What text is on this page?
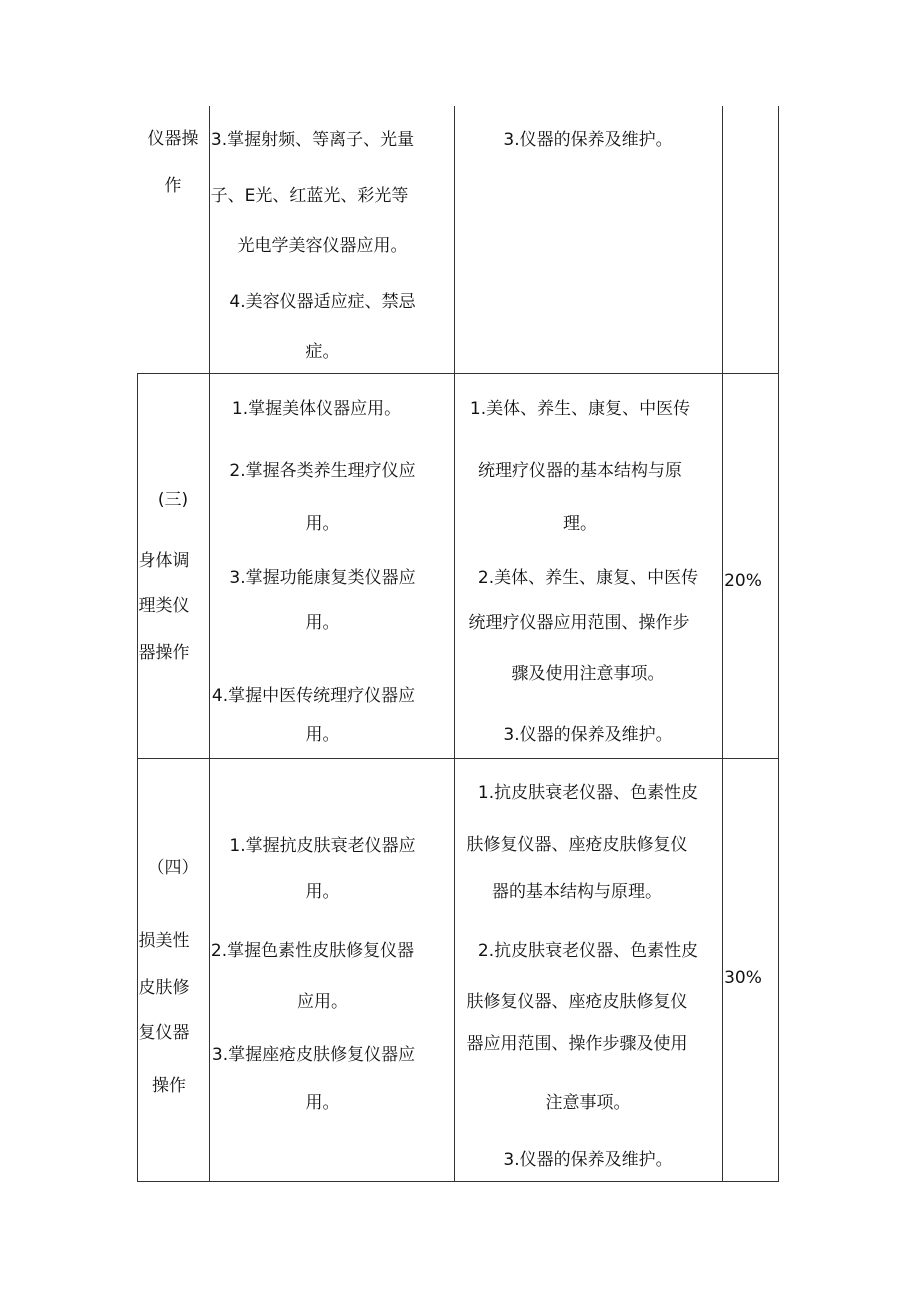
仪器操
作
3.掌握射频、等离子、光量
子、E光、红蓝光、彩光等
光电学美容仪器应用。
4.美容仪器适应症、禁忌
症。
3.仪器的保养及维护。
(三)
身体调
理类仪
器操作
1.掌握美体仪器应用。
2.掌握各类养生理疗仪应
用。
3.掌握功能康复类仪器应
用。
4.掌握中医传统理疗仪器应
用。
1.美体、养生、康复、中医传
统理疗仪器的基本结构与原
理。
2.美体、养生、康复、中医传
统理疗仪器应用范围、操作步
骤及使用注意事项。
3.仪器的保养及维护。
20%
（四）
损美性
皮肤修
复仪器
操作
1.掌握抗皮肤衰老仪器应
用。
2.掌握色素性皮肤修复仪器
应用。
3.掌握座疮皮肤修复仪器应
用。
1.抗皮肤衰老仪器、色素性皮
肤修复仪器、座疮皮肤修复仪
器的基本结构与原理。
2.抗皮肤衰老仪器、色素性皮
肤修复仪器、座疮皮肤修复仪
器应用范围、操作步骤及使用
注意事项。
3.仪器的保养及维护。
30%
